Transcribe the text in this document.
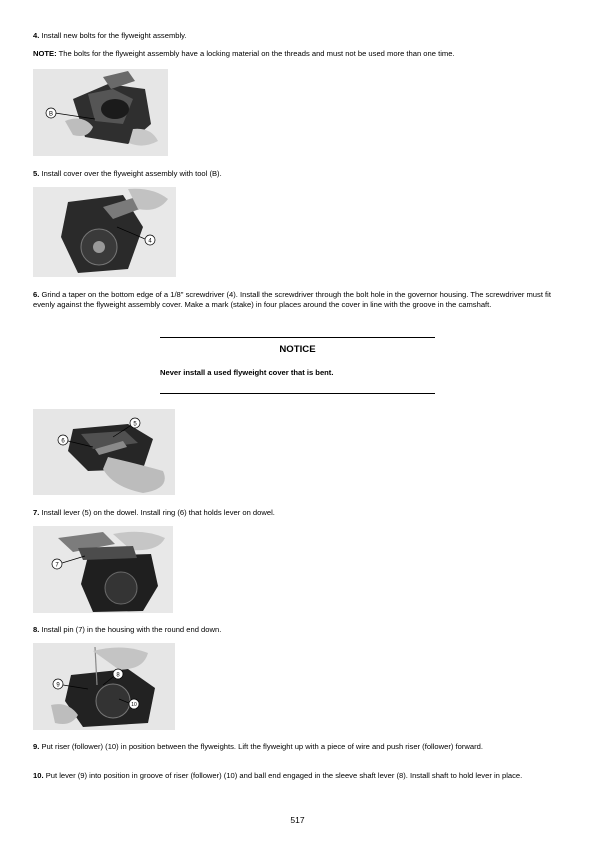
4. Install new bolts for the flyweight assembly.
NOTE: The bolts for the flyweight assembly have a locking material on the threads and must not be used more than one time.
B
5. Install cover over the flyweight assembly with tool (B).
4
6. Grind a taper on the bottom edge of a 1/8" screwdriver (4). Install the screwdriver through the bolt hole in the governor housing. The screwdriver must fit evenly against the flyweight assembly cover. Make a mark (stake) in four places around the cover in line with the groove in the camshaft.
NOTICE
Never install a used flyweight cover that is bent.
6
5
7. Install lever (5) on the dowel. Install ring (6) that holds lever on dowel.
7
8. Install pin (7) in the housing with the round end down.
9
8
10
9. Put riser (follower) (10) in position between the flyweights. Lift the flyweight up with a piece of wire and push riser (follower) forward.
10. Put lever (9) into position in groove of riser (follower) (10) and ball end engaged in the sleeve shaft lever (8). Install shaft to hold lever in place.
517
